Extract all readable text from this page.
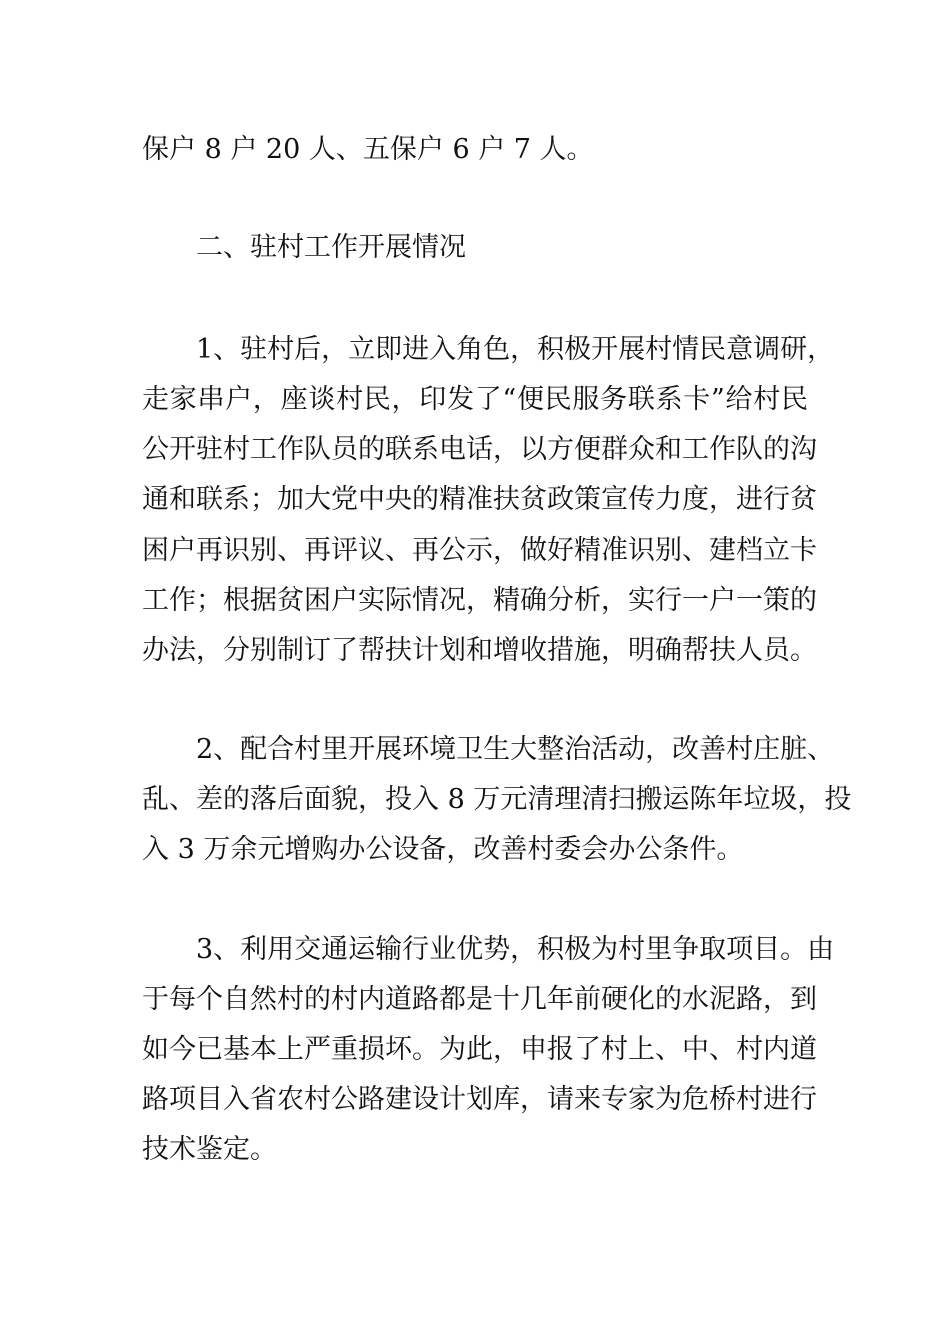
保户 8 户 20 人、五保户 6 户 7 人。
二、驻村工作开展情况
1、驻村后，立即进入角色，积极开展村情民意调研，
走家串户，座谈村民，印发了“便民服务联系卡”给村民
公开驻村工作队员的联系电话，以方便群众和工作队的沟
通和联系；加大党中央的精准扶贫政策宣传力度，进行贫
困户再识别、再评议、再公示，做好精准识别、建档立卡
工作；根据贫困户实际情况，精确分析，实行一户一策的
办法，分别制订了帮扶计划和增收措施，明确帮扶人员。
2、配合村里开展环境卫生大整治活动，改善村庄脏、
乱、差的落后面貌，投入 8 万元清理清扫搬运陈年垃圾，投
入 3 万余元增购办公设备，改善村委会办公条件。
3、利用交通运输行业优势，积极为村里争取项目。由
于每个自然村的村内道路都是十几年前硬化的水泥路，到
如今已基本上严重损坏。为此，申报了村上、中、村内道
路项目入省农村公路建设计划库，请来专家为危桥村进行
技术鉴定。
